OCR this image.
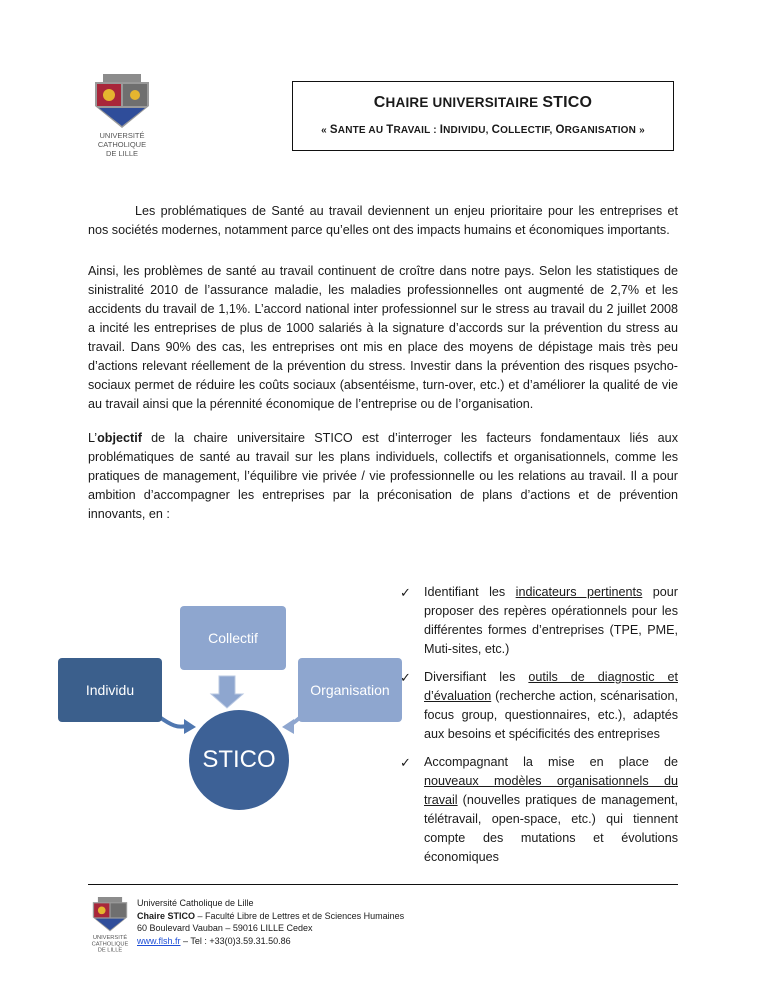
UNIVERSITÉ
CATHOLIQUE
DE LILLE
CHAIRE UNIVERSITAIRE STICO
« SANTE AU TRAVAIL : INDIVIDU, COLLECTIF, ORGANISATION »
Les problématiques de Santé au travail deviennent un enjeu prioritaire pour les entreprises et nos sociétés modernes, notamment parce qu’elles ont des impacts humains et économiques importants.
Ainsi, les problèmes de santé au travail continuent de croître dans notre pays. Selon les statistiques de sinistralité 2010 de l’assurance maladie, les maladies professionnelles ont augmenté de 2,7% et les accidents du travail de 1,1%. L’accord national inter professionnel sur le stress au travail du 2 juillet 2008 a incité les entreprises de plus de 1000 salariés à la signature d’accords sur la prévention du stress au travail. Dans 90% des cas, les entreprises ont mis en place des moyens de dépistage mais très peu d’actions relevant réellement de la prévention du stress. Investir dans la prévention des risques psycho-sociaux permet de réduire les coûts sociaux (absentéisme, turn-over, etc.) et d’améliorer la qualité de vie au travail ainsi que la pérennité économique de l’entreprise ou de l’organisation.
L’objectif de la chaire universitaire STICO est d’interroger les facteurs fondamentaux liés aux problématiques de santé au travail sur les plans individuels, collectifs et organisationnels, comme les pratiques de management, l’équilibre vie privée / vie professionnelle ou les relations au travail. Il a pour ambition d’accompagner les entreprises par la préconisation de plans d’actions et de prévention innovants, en :
Collectif
Individu	Organisation
STICO
✓ Identifiant les indicateurs pertinents pour proposer des repères opérationnels pour les différentes formes d’entreprises (TPE, PME, Muti-sites, etc.)
✓ Diversifiant les outils de diagnostic et d’évaluation (recherche action, scénarisation, focus group, questionnaires, etc.), adaptés aux besoins et spécificités des entreprises
✓ Accompagnant la mise en place de nouveaux modèles organisationnels du travail (nouvelles pratiques de management, télétravail, open-space, etc.) qui tiennent compte des mutations et évolutions économiques
UNIVERSITÉ
CATHOLIQUE
DE LILLE
Université Catholique de Lille
Chaire STICO – Faculté Libre de Lettres et de Sciences Humaines
60 Boulevard Vauban – 59016 LILLE Cedex
www.flsh.fr – Tel : +33(0)3.59.31.50.86
